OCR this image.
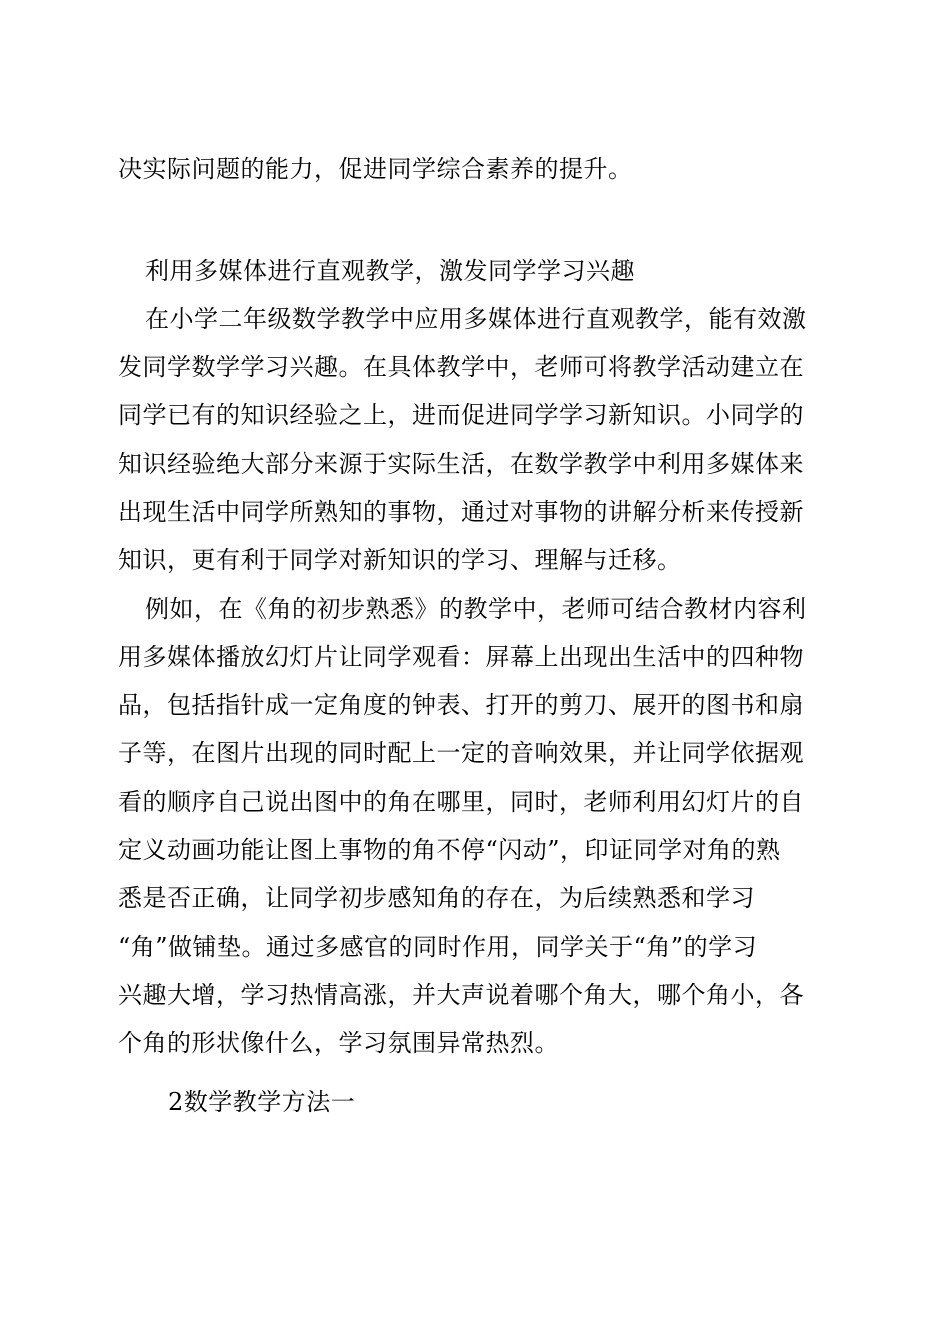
决实际问题的能力，促进同学综合素养的提升。
利用多媒体进行直观教学，激发同学学习兴趣
在小学二年级数学教学中应用多媒体进行直观教学，能有效激
发同学数学学习兴趣。在具体教学中，老师可将教学活动建立在
同学已有的知识经验之上，进而促进同学学习新知识。小同学的
知识经验绝大部分来源于实际生活，在数学教学中利用多媒体来
出现生活中同学所熟知的事物，通过对事物的讲解分析来传授新
知识，更有利于同学对新知识的学习、理解与迁移。
例如，在《角的初步熟悉》的教学中，老师可结合教材内容利
用多媒体播放幻灯片让同学观看：屏幕上出现出生活中的四种物
品，包括指针成一定角度的钟表、打开的剪刀、展开的图书和扇
子等，在图片出现的同时配上一定的音响效果，并让同学依据观
看的顺序自己说出图中的角在哪里，同时，老师利用幻灯片的自
定义动画功能让图上事物的角不停“闪动”，印证同学对角的熟
悉是否正确，让同学初步感知角的存在，为后续熟悉和学习
“角”做铺垫。通过多感官的同时作用，同学关于“角”的学习
兴趣大增，学习热情高涨，并大声说着哪个角大，哪个角小，各
个角的形状像什么，学习氛围异常热烈。
2数学教学方法一
